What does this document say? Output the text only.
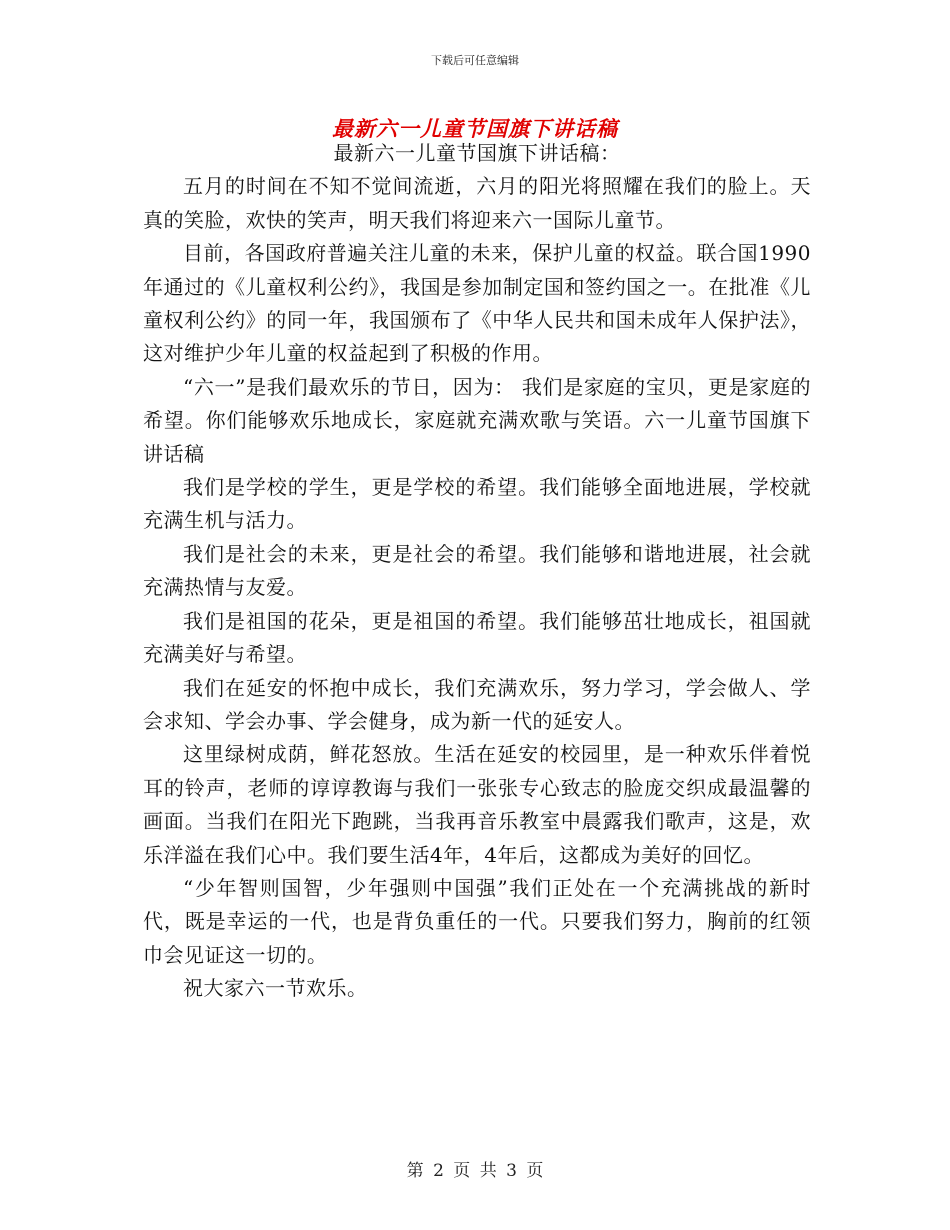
下载后可任意编辑
最新六一儿童节国旗下讲话稿

最新六一儿童节国旗下讲话稿：

五月的时间在不知不觉间流逝，六月的阳光将照耀在我们的脸上。天真的笑脸，欢快的笑声，明天我们将迎来六一国际儿童节。

目前，各国政府普遍关注儿童的未来，保护儿童的权益。联合国1990年通过的《儿童权利公约》，我国是参加制定国和签约国之一。在批准《儿童权利公约》的同一年，我国颁布了《中华人民共和国未成年人保护法》，这对维护少年儿童的权益起到了积极的作用。

“六一”是我们最欢乐的节日，因为： 我们是家庭的宝贝，更是家庭的希望。你们能够欢乐地成长，家庭就充满欢歌与笑语。六一儿童节国旗下讲话稿

我们是学校的学生，更是学校的希望。我们能够全面地进展，学校就充满生机与活力。

我们是社会的未来，更是社会的希望。我们能够和谐地进展，社会就充满热情与友爱。

我们是祖国的花朵，更是祖国的希望。我们能够茁壮地成长，祖国就充满美好与希望。

我们在延安的怀抱中成长，我们充满欢乐，努力学习，学会做人、学会求知、学会办事、学会健身，成为新一代的延安人。

这里绿树成荫，鲜花怒放。生活在延安的校园里，是一种欢乐伴着悦耳的铃声，老师的谆谆教诲与我们一张张专心致志的脸庞交织成最温馨的画面。当我们在阳光下跑跳，当我再音乐教室中晨露我们歌声，这是，欢乐洋溢在我们心中。我们要生活4年，4年后，这都成为美好的回忆。

“少年智则国智，少年强则中国强”我们正处在一个充满挑战的新时代，既是幸运的一代，也是背负重任的一代。只要我们努力，胸前的红领巾会见证这一切的。

祝大家六一节欢乐。

第 2 页 共 3 页
